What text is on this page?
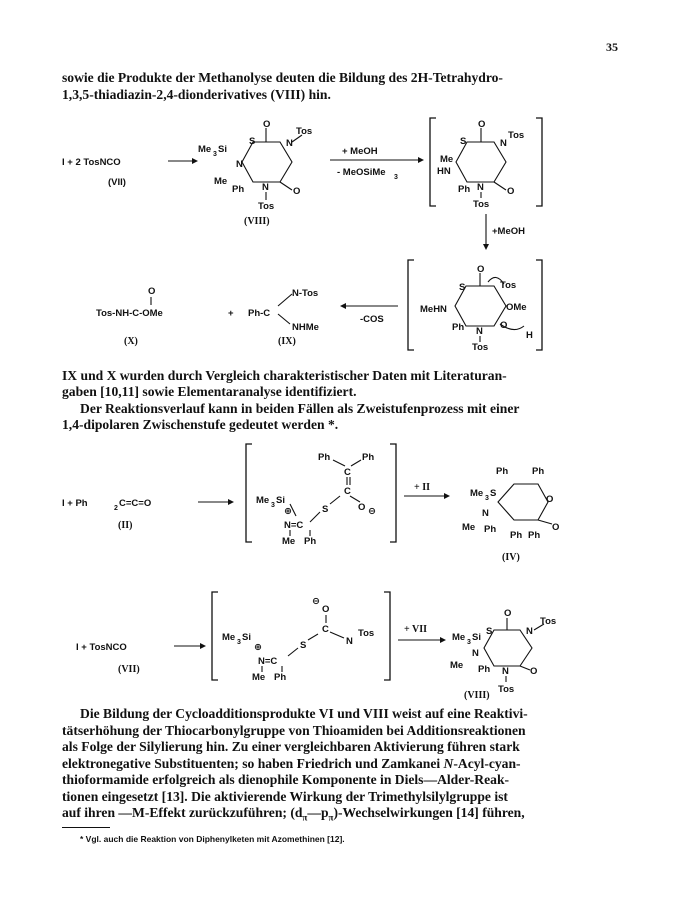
35

sowie die Produkte der Methanolyse deuten die Bildung des 2H-Tetrahydro-

1,3,5-thiadiazin-2,4-dionderivatives (VIII) hin.

I + 2 TosNCO
(VII)
O
O
S	N
Tos
N
N
Tos
Me 3 Si
Me
Ph
(VIII)
+ MeOH
- MeOSiMe 3
O
O
S	N
Tos
Me
HN
N
Ph
Tos
+MeOH
O
S	Tos
OMe
MeHN
Ph N
Tos
O
H
-COS
O
Tos-NH-C-OMe
(X)
+ Ph-C
N-Tos
NHMe
(IX)

IX und X wurden durch Vergleich charakteristischer Daten mit Literaturan-

gaben [10,11] sowie Elementaranalyse identifiziert.

Der Reaktionsverlauf kann in beiden Fällen als Zweistufenprozess mit einer

1,4-dipolaren Zwischenstufe gedeutet werden *.

I + Ph	2 C=C=O
(II)
Ph	Ph
C
C
O ⊖
S
Me 3 Si
⊕
N=C
Me Ph
+ II
Ph	Ph
Me 3 S
O
O
N
Me Ph
Ph Ph
(IV)
I + TosNCO
(VII)
⊖
O
C
N
Tos
S
Me 3 Si
⊕
N=C
Me Ph
+ VII
O
N
Tos
Me 3 Si
S
N
Me Ph N O
Tos
(VIII)

Die Bildung der Cycloadditionsprodukte VI und VIII weist auf eine Reaktivi-

tätserhöhung der Thiocarbonylgruppe von Thioamiden bei Additionsreaktionen

als Folge der Silylierung hin. Zu einer vergleichbaren Aktivierung führen stark

elektronegative Substituenten; so haben Friedrich und Zamkanei N-Acyl-cyan-

thioformamide erfolgreich als dienophile Komponente in Diels—Alder-Reak-

tionen eingesetzt [13]. Die aktivierende Wirkung der Trimethylsilylgruppe ist

auf ihren —M-Effekt zurückzuführen; $(d_\pi—p_\pi)$-Wechselwirkungen [14] führen,

* Vgl. auch die Reaktion von Diphenylketen mit Azomethinen [12].
